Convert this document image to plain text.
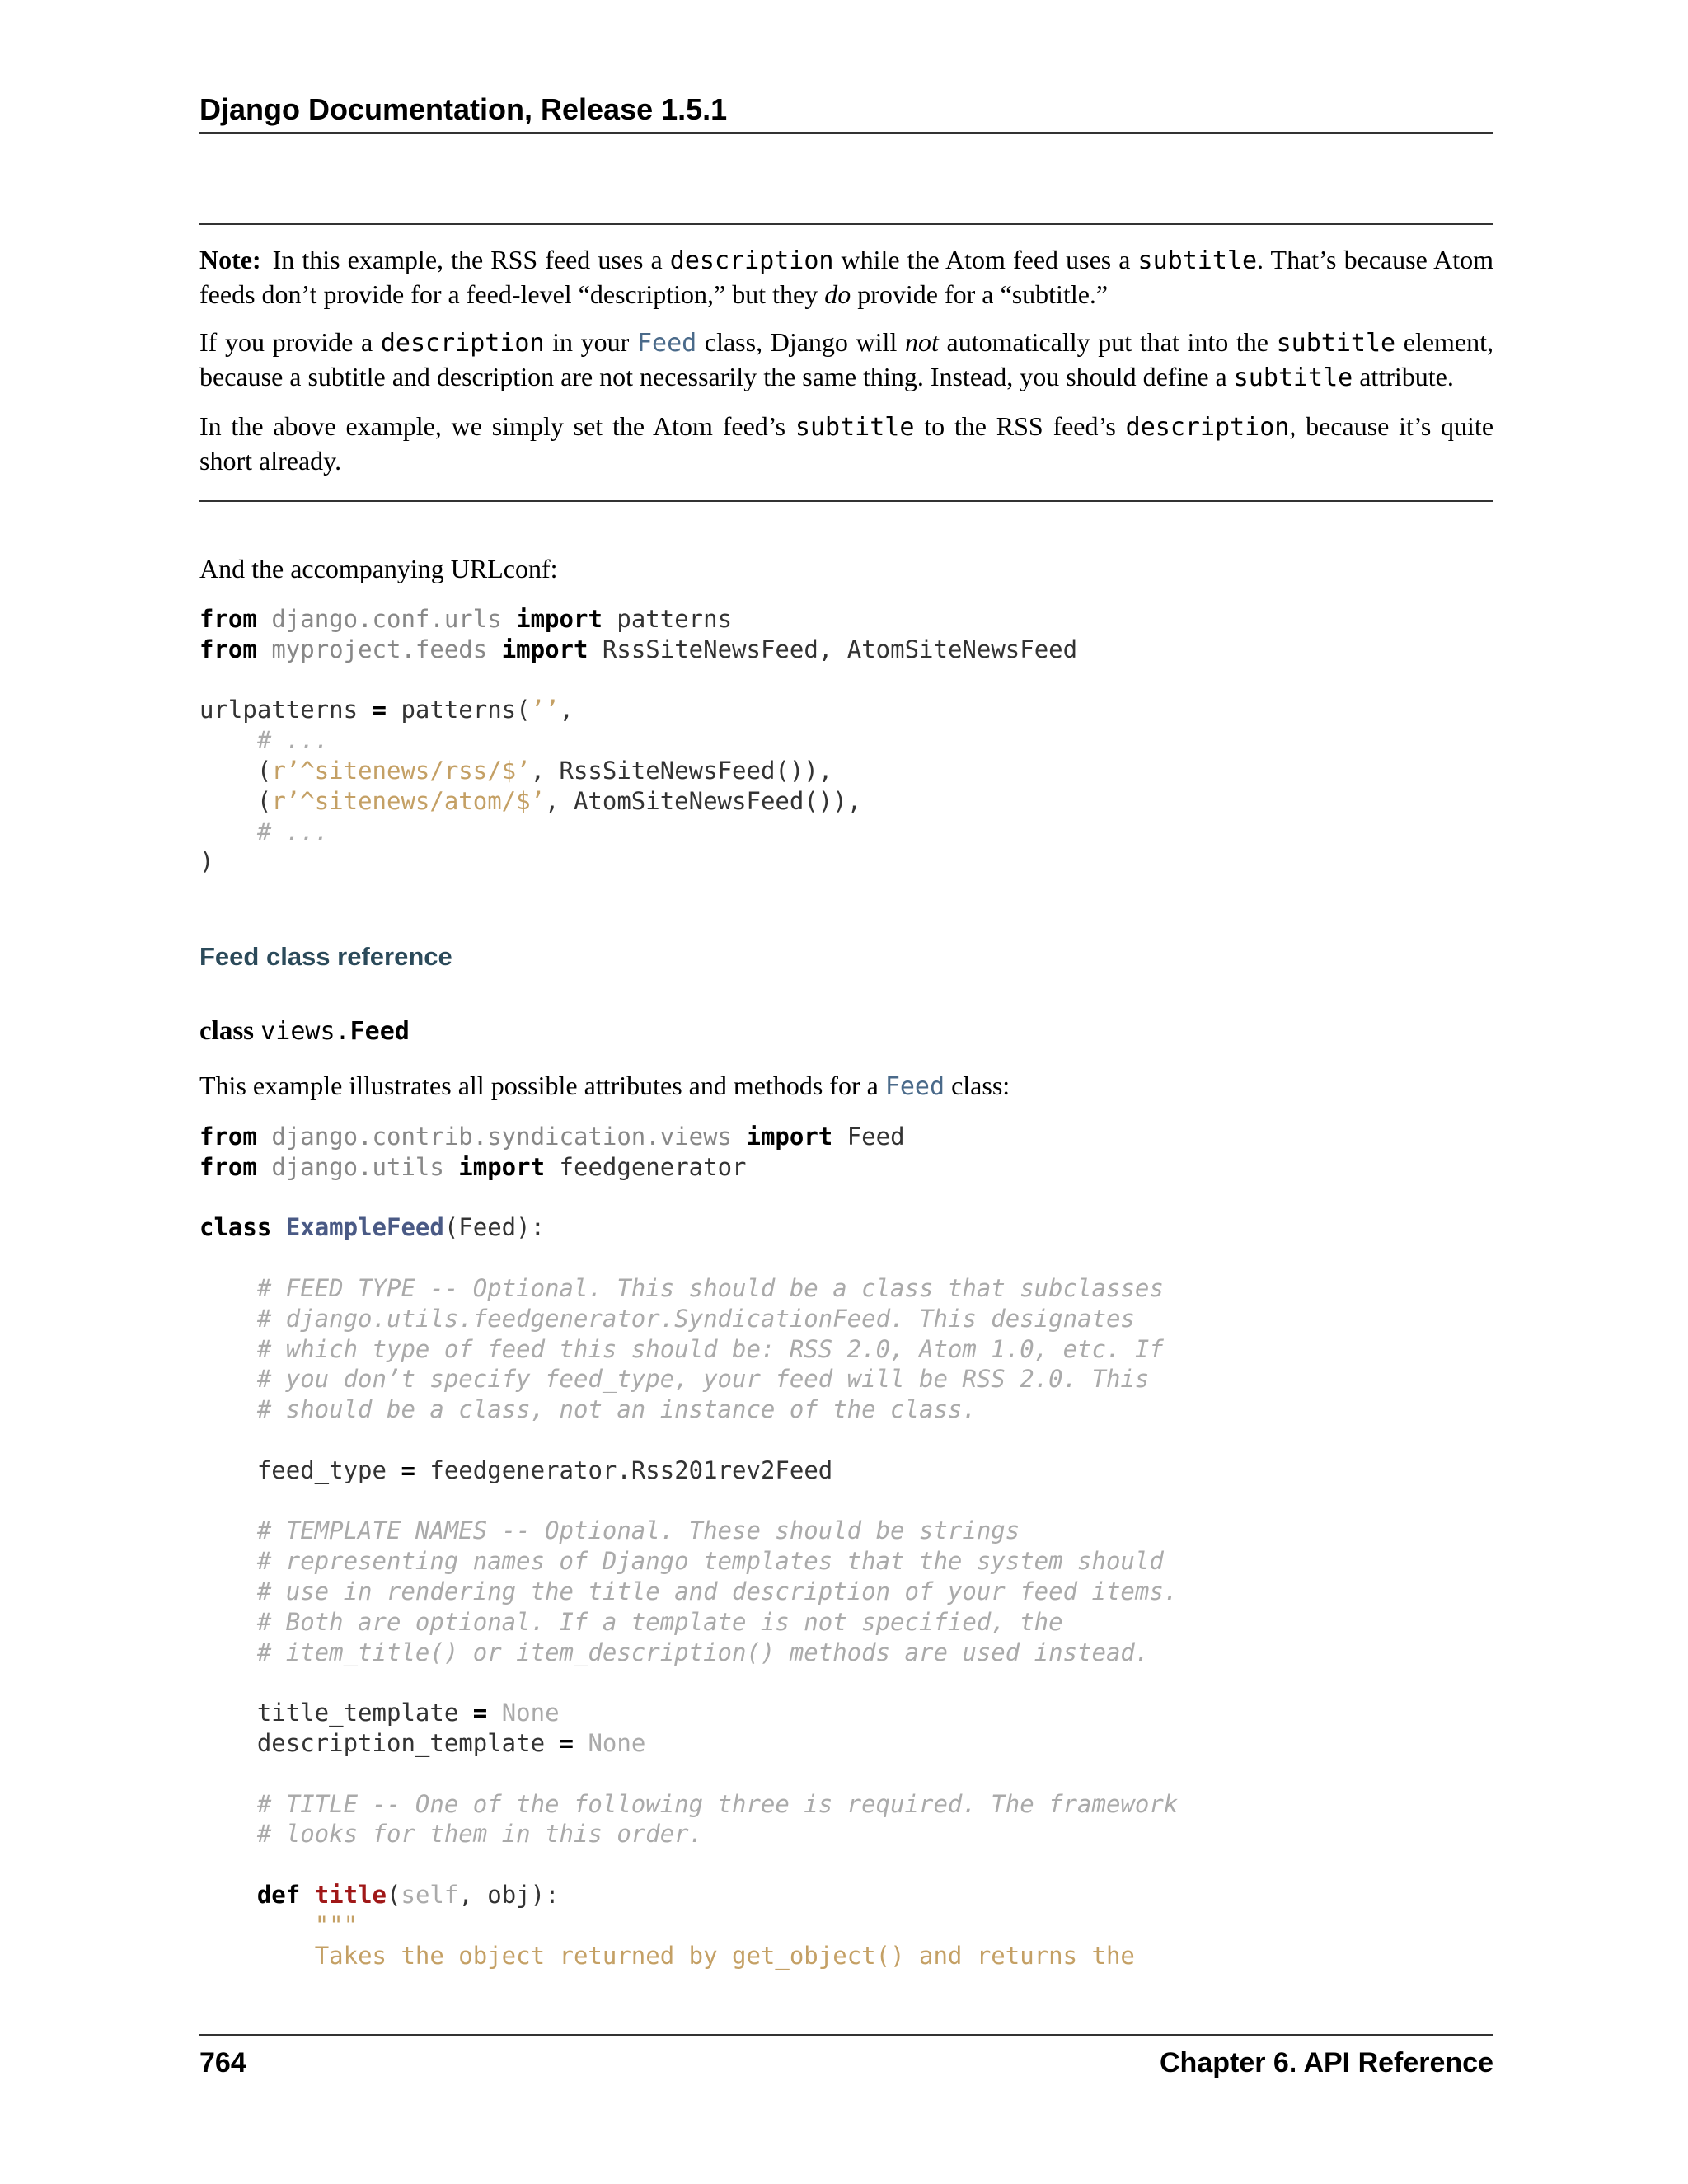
Django Documentation, Release 1.5.1

Note: In this example, the RSS feed uses a description while the Atom feed uses a subtitle. That’s because Atom feeds don’t provide for a feed-level “description,” but they do provide for a “subtitle.”

If you provide a description in your Feed class, Django will not automatically put that into the subtitle element, because a subtitle and description are not necessarily the same thing. Instead, you should define a subtitle attribute.

In the above example, we simply set the Atom feed’s subtitle to the RSS feed’s description, because it’s quite short already.

And the accompanying URLconf:

from django.conf.urls import patterns
from myproject.feeds import RssSiteNewsFeed, AtomSiteNewsFeed

urlpatterns = patterns(’’,
# ...
(r’^sitenews/rss/$’, RssSiteNewsFeed()),
(r’^sitenews/atom/$’, AtomSiteNewsFeed()),
# ...
)
Feed class reference
class views.Feed

This example illustrates all possible attributes and methods for a Feed class:

from django.contrib.syndication.views import Feed
from django.utils import feedgenerator

class ExampleFeed(Feed):

# FEED TYPE -- Optional. This should be a class that subclasses
# django.utils.feedgenerator.SyndicationFeed. This designates
# which type of feed this should be: RSS 2.0, Atom 1.0, etc. If
# you don’t specify feed_type, your feed will be RSS 2.0. This
# should be a class, not an instance of the class.

feed_type = feedgenerator.Rss201rev2Feed

# TEMPLATE NAMES -- Optional. These should be strings
# representing names of Django templates that the system should
# use in rendering the title and description of your feed items.
# Both are optional. If a template is not specified, the
# item_title() or item_description() methods are used instead.

title_template = None
description_template = None

# TITLE -- One of the following three is required. The framework
# looks for them in this order.

def title(self, obj):
"""
Takes the object returned by get_object() and returns the
764	Chapter 6. API Reference
